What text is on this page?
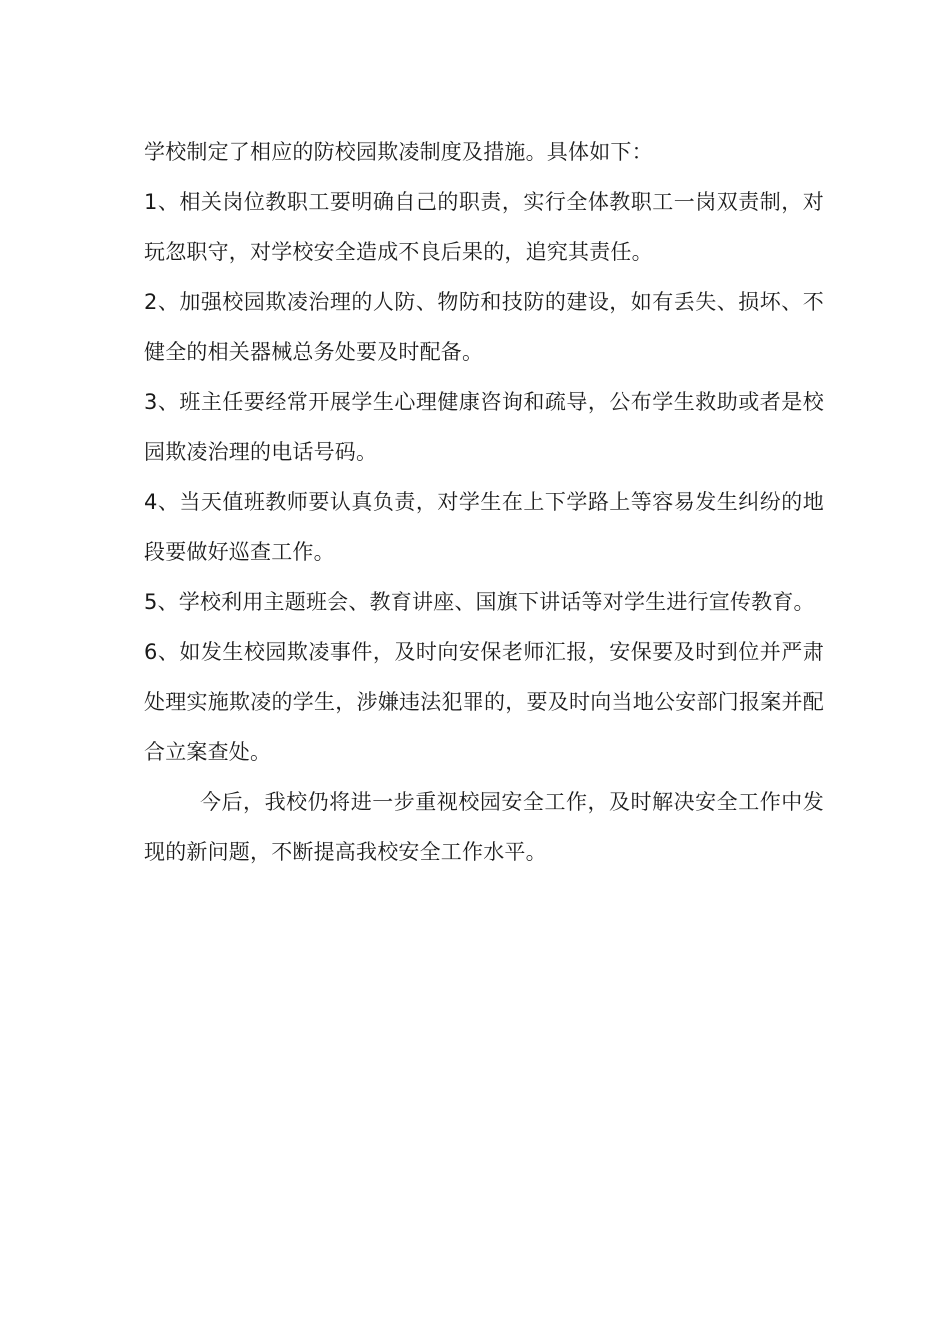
学校制定了相应的防校园欺凌制度及措施。具体如下：

1、相关岗位教职工要明确自己的职责，实行全体教职工一岗双责制，对玩忽职守，对学校安全造成不良后果的，追究其责任。

2、加强校园欺凌治理的人防、物防和技防的建设，如有丢失、损坏、不健全的相关器械总务处要及时配备。

3、班主任要经常开展学生心理健康咨询和疏导，公布学生救助或者是校园欺凌治理的电话号码。

4、当天值班教师要认真负责，对学生在上下学路上等容易发生纠纷的地段要做好巡查工作。

5、学校利用主题班会、教育讲座、国旗下讲话等对学生进行宣传教育。

6、如发生校园欺凌事件，及时向安保老师汇报，安保要及时到位并严肃处理实施欺凌的学生，涉嫌违法犯罪的，要及时向当地公安部门报案并配合立案查处。

今后，我校仍将进一步重视校园安全工作，及时解决安全工作中发现的新问题，不断提高我校安全工作水平。
